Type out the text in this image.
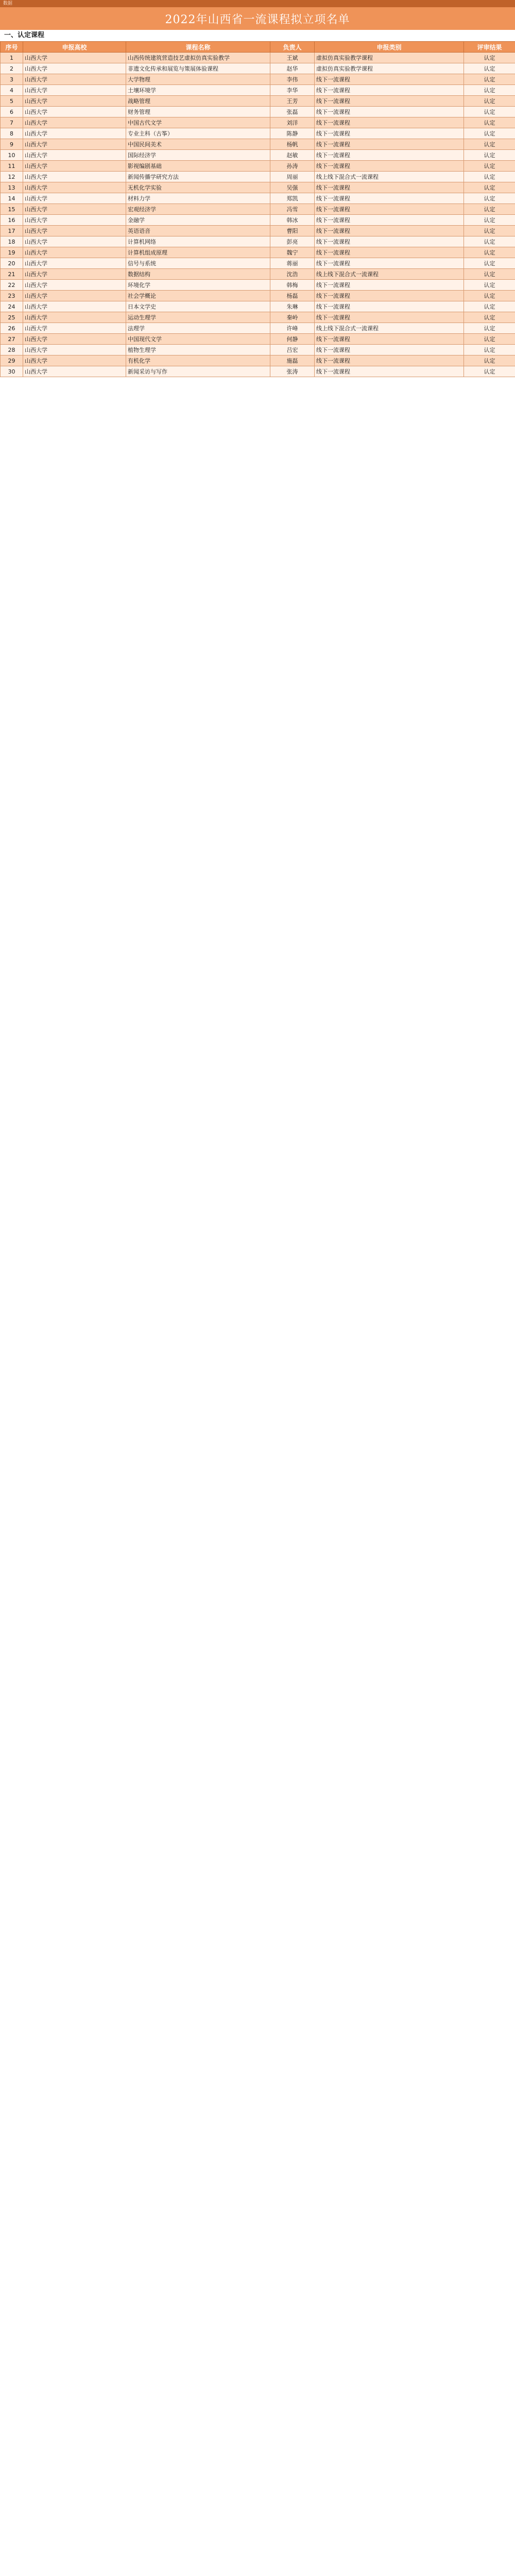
数据
2022年山西省一流课程拟立项名单
一、认定课程
序号	申报高校	课程名称	负责人	申报类别	评审结果
1	山西大学	山西传统建筑营造技艺虚拟仿真实验教学	王斌	虚拟仿真实验教学课程	认定
2	山西大学	非遗文化传承和展览与策展体验课程	赵华	虚拟仿真实验教学课程	认定
3	山西大学	大学物理	李伟	线下一流课程	认定
4	山西大学	土壤环境学	李华	线下一流课程	认定
5	山西大学	战略管理	王芳	线下一流课程	认定
6	山西大学	财务管理	张磊	线下一流课程	认定
7	山西大学	中国古代文学	刘洋	线下一流课程	认定
8	山西大学	专业主科（古筝）	陈静	线下一流课程	认定
9	山西大学	中国民间美术	杨帆	线下一流课程	认定
10	山西大学	国际经济学	赵敏	线下一流课程	认定
11	山西大学	影视编剧基础	孙涛	线下一流课程	认定
12	山西大学	新闻传播学研究方法	周丽	线上线下混合式一流课程	认定
13	山西大学	无机化学实验	吴强	线下一流课程	认定
14	山西大学	材料力学	郑凯	线下一流课程	认定
15	山西大学	宏观经济学	冯雪	线下一流课程	认定
16	山西大学	金融学	韩冰	线下一流课程	认定
17	山西大学	英语语音	曹阳	线下一流课程	认定
18	山西大学	计算机网络	彭亮	线下一流课程	认定
19	山西大学	计算机组成原理	魏宁	线下一流课程	认定
20	山西大学	信号与系统	蒋丽	线下一流课程	认定
21	山西大学	数据结构	沈浩	线上线下混合式一流课程	认定
22	山西大学	环境化学	韩梅	线下一流课程	认定
23	山西大学	社会学概论	杨磊	线下一流课程	认定
24	山西大学	日本文学史	朱琳	线下一流课程	认定
25	山西大学	运动生理学	秦岭	线下一流课程	认定
26	山西大学	法理学	许峰	线上线下混合式一流课程	认定
27	山西大学	中国现代文学	何静	线下一流课程	认定
28	山西大学	植物生理学	吕宏	线下一流课程	认定
29	山西大学	有机化学	施磊	线下一流课程	认定
30	山西大学	新闻采访与写作	张涛	线下一流课程	认定
